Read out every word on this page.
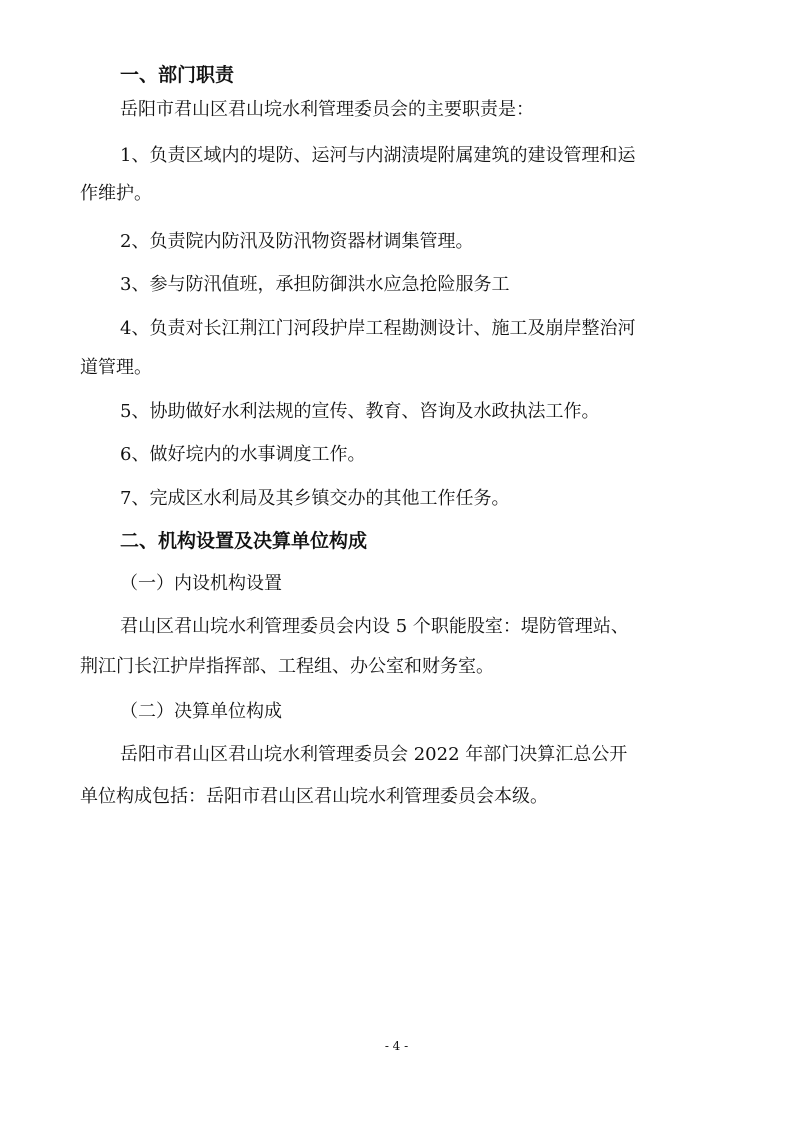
一、部门职责
岳阳市君山区君山垸水利管理委员会的主要职责是：
1、负责区域内的堤防、运河与内湖渍堤附属建筑的建设管理和运
作维护。
2、负责院内防汛及防汛物资器材调集管理。
3、参与防汛值班，承担防御洪水应急抢险服务工
4、负责对长江荆江门河段护岸工程勘测设计、施工及崩岸整治河
道管理。
5、协助做好水利法规的宣传、教育、咨询及水政执法工作。
6、做好垸内的水事调度工作。
7、完成区水利局及其乡镇交办的其他工作任务。
二、机构设置及决算单位构成
（一）内设机构设置
君山区君山垸水利管理委员会内设 5 个职能股室：堤防管理站、
荆江门长江护岸指挥部、工程组、办公室和财务室。
（二）决算单位构成
岳阳市君山区君山垸水利管理委员会 2022 年部门决算汇总公开
单位构成包括：岳阳市君山区君山垸水利管理委员会本级。
- 4 -
